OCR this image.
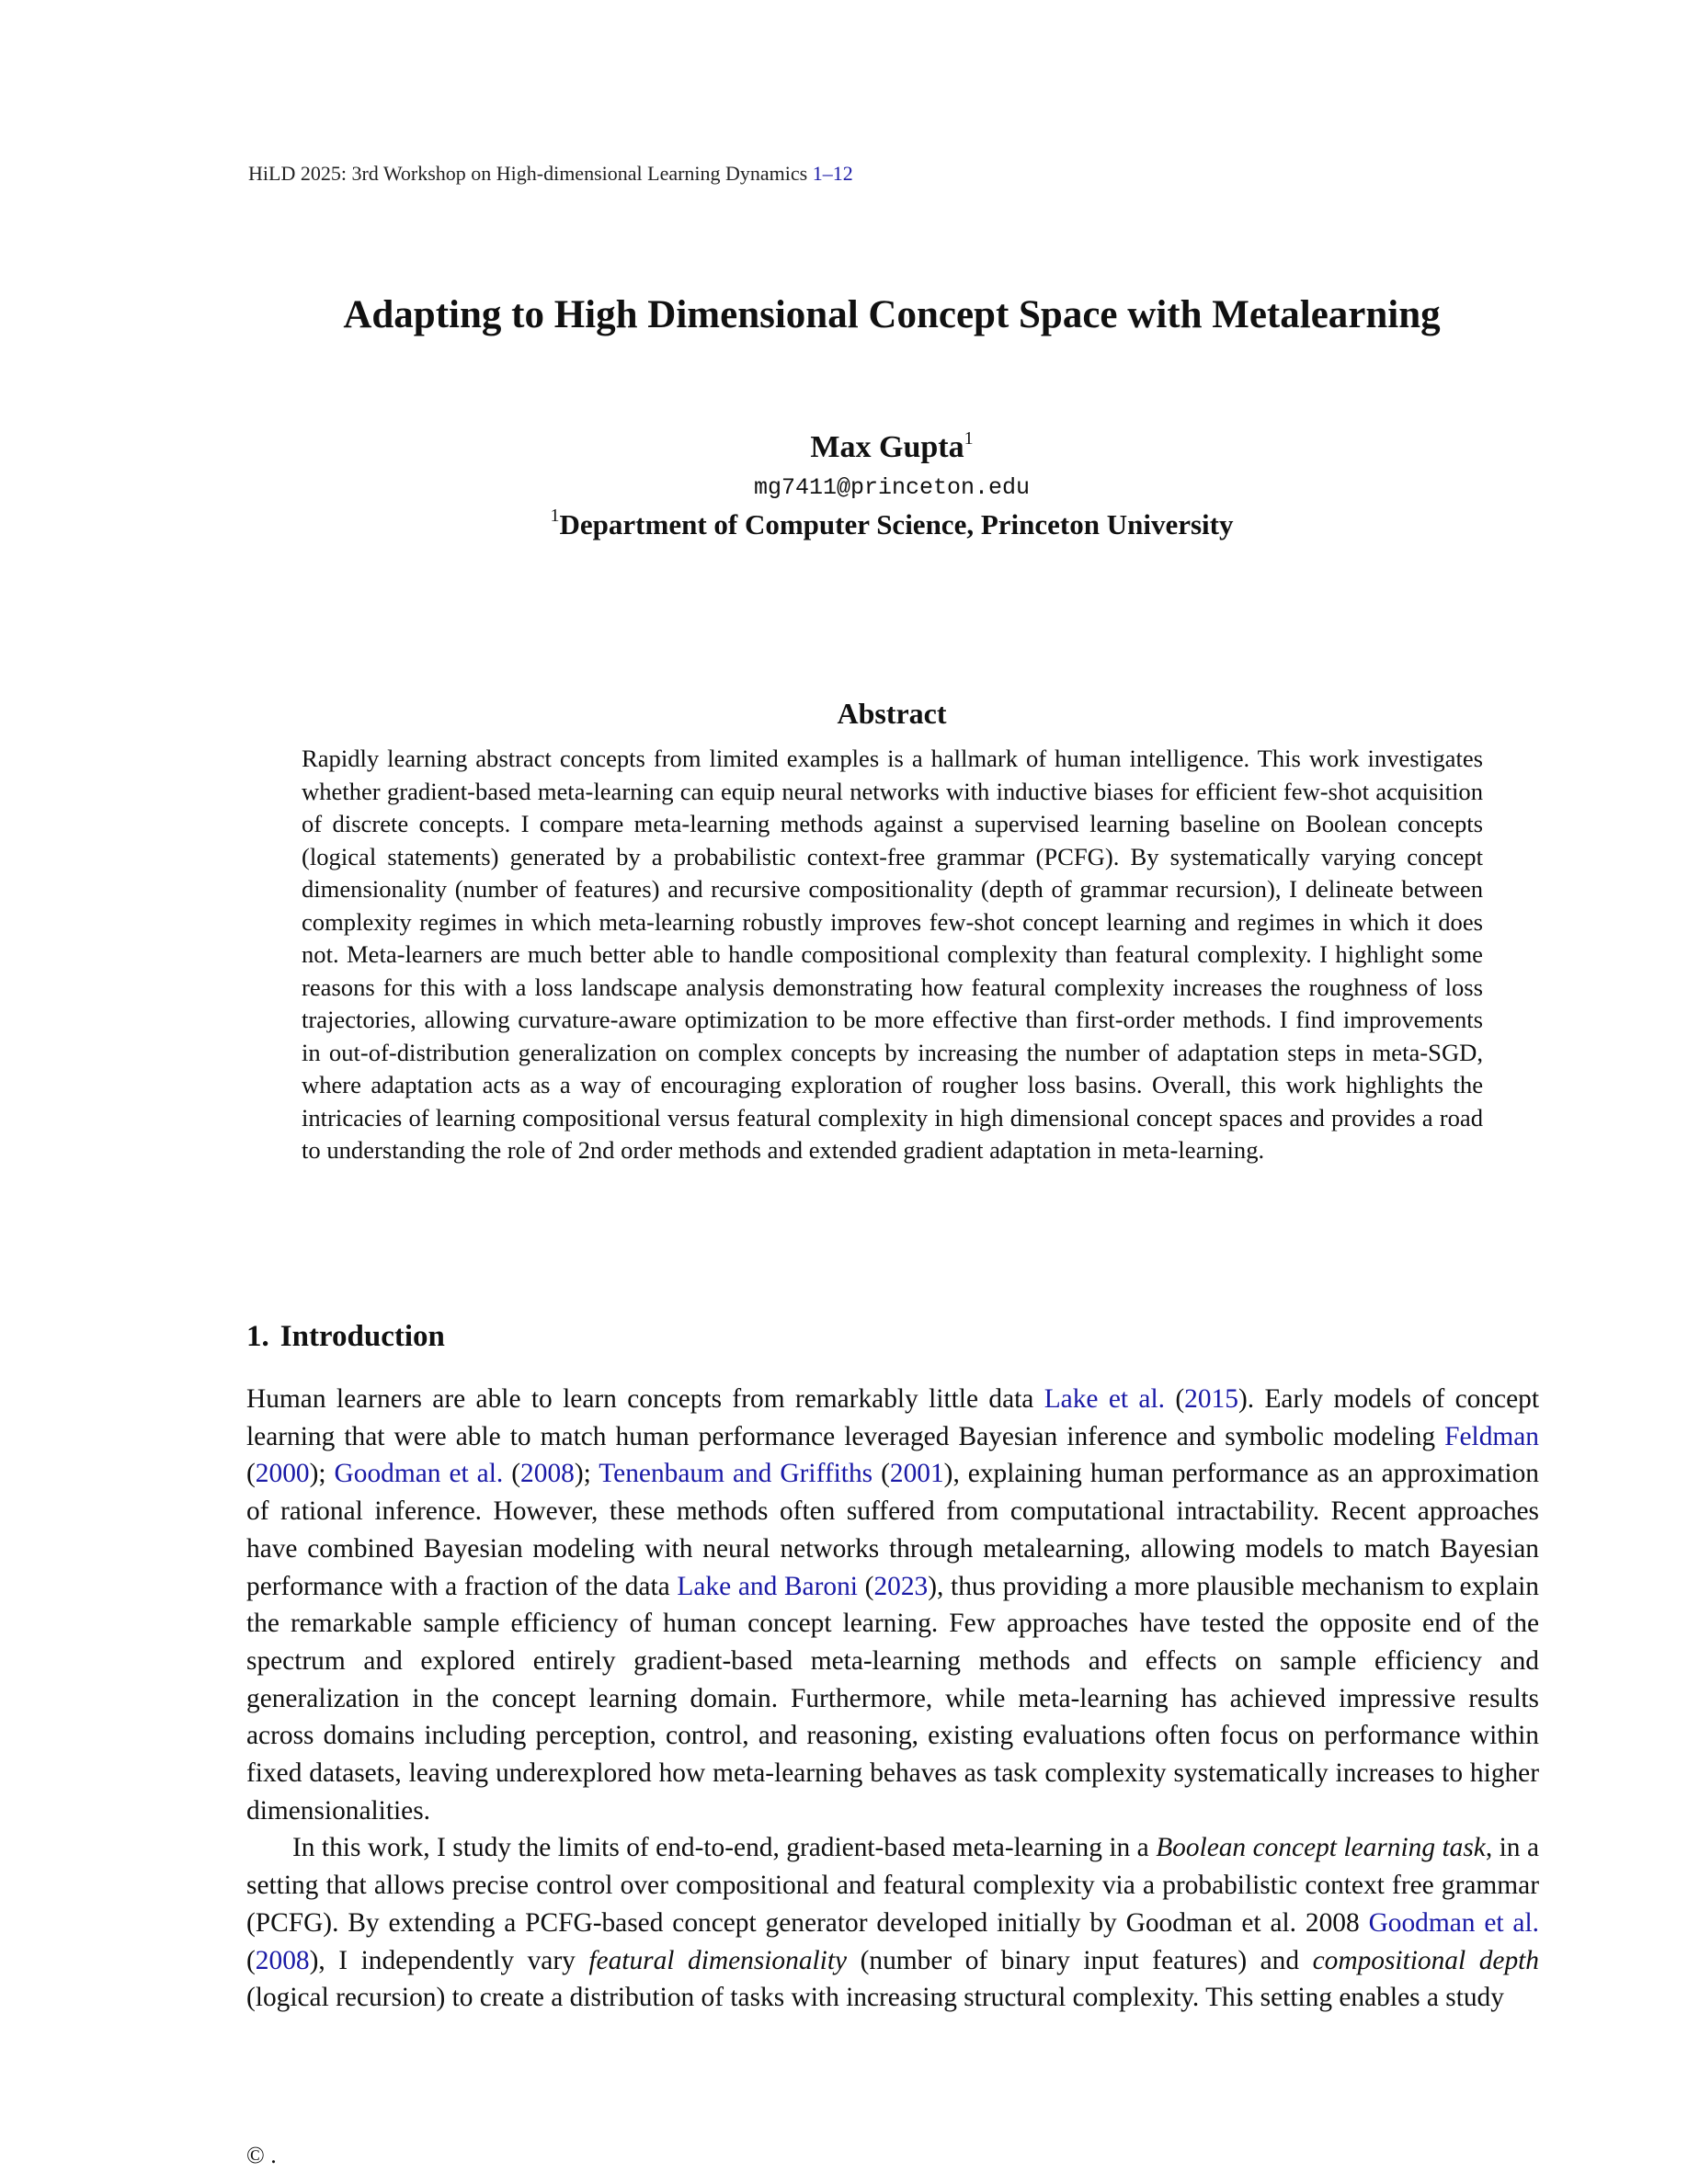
HiLD 2025: 3rd Workshop on High-dimensional Learning Dynamics 1–12
Adapting to High Dimensional Concept Space with Metalearning
Max Gupta$^1$
mg7411@princeton.edu
$^1$Department of Computer Science, Princeton University
Abstract
Rapidly learning abstract concepts from limited examples is a hallmark of human intelligence. This work investigates whether gradient-based meta-learning can equip neural networks with inductive biases for efficient few-shot acquisition of discrete concepts. I compare meta-learning methods against a supervised learning baseline on Boolean concepts (logical statements) generated by a probabilistic context-free grammar (PCFG). By systematically varying concept dimensionality (number of features) and recursive compositionality (depth of grammar recursion), I delineate between complexity regimes in which meta-learning robustly improves few-shot concept learning and regimes in which it does not. Meta-learners are much better able to handle compositional complexity than featural complexity. I highlight some reasons for this with a loss landscape analysis demonstrating how featural complexity increases the roughness of loss trajectories, allowing curvature-aware optimization to be more effective than first-order methods. I find improvements in out-of-distribution generalization on complex concepts by increasing the number of adaptation steps in meta-SGD, where adaptation acts as a way of encouraging exploration of rougher loss basins. Overall, this work highlights the intricacies of learning compositional versus featural complexity in high dimensional concept spaces and provides a road to understanding the role of 2nd order methods and extended gradient adaptation in meta-learning.
1. Introduction

Human learners are able to learn concepts from remarkably little data Lake et al. (2015). Early models of concept learning that were able to match human performance leveraged Bayesian inference and symbolic modeling Feldman (2000); Goodman et al. (2008); Tenenbaum and Griffiths (2001), explaining human performance as an approximation of rational inference. However, these methods often suffered from computational intractability. Recent approaches have combined Bayesian modeling with neural networks through metalearning, allowing models to match Bayesian performance with a fraction of the data Lake and Baroni (2023), thus providing a more plausible mechanism to explain the remarkable sample efficiency of human concept learning. Few approaches have tested the opposite end of the spectrum and explored entirely gradient-based meta-learning methods and effects on sample efficiency and generalization in the concept learning domain. Furthermore, while meta-learning has achieved impressive results across domains including perception, control, and reasoning, existing evaluations often focus on performance within fixed datasets, leaving underexplored how meta-learning behaves as task complexity systematically increases to higher dimensionalities.

In this work, I study the limits of end-to-end, gradient-based meta-learning in a Boolean concept learning task, in a setting that allows precise control over compositional and featural complexity via a probabilistic context free grammar (PCFG). By extending a PCFG-based concept generator developed initially by Goodman et al. 2008 Goodman et al. (2008), I independently vary featural dimensionality (number of binary input features) and compositional depth (logical recursion) to create a distribution of tasks with increasing structural complexity. This setting enables a study

© .
